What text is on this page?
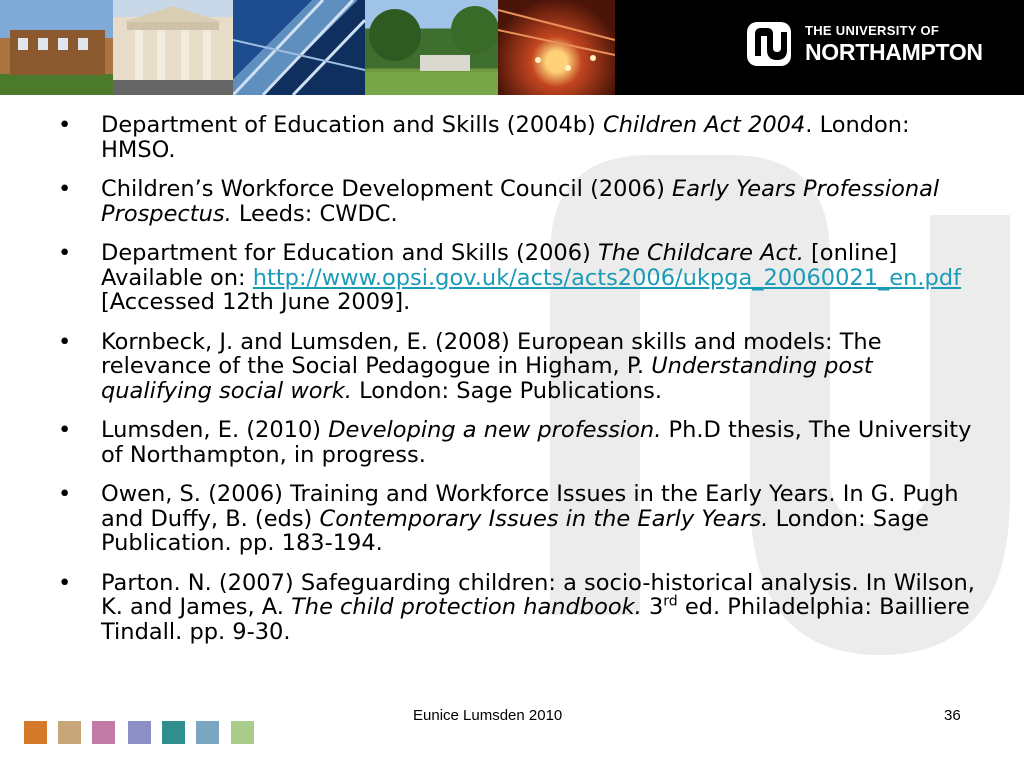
THE UNIVERSITY OF
NORTHAMPTON
• Department of Education and Skills (2004b) Children Act 2004. London: HMSO.
• Children’s Workforce Development Council (2006) Early Years Professional Prospectus. Leeds: CWDC.
• Department for Education and Skills (2006) The Childcare Act. [online] Available on: http://www.opsi.gov.uk/acts/acts2006/ukpga_20060021_en.pdf [Accessed 12th June 2009].
• Kornbeck, J. and Lumsden, E. (2008) European skills and models: The relevance of the Social Pedagogue in Higham, P. Understanding post qualifying social work. London: Sage Publications.
• Lumsden, E. (2010) Developing a new profession. Ph.D thesis, The University of Northampton, in progress.
• Owen, S. (2006) Training and Workforce Issues in the Early Years. In G. Pugh and Duffy, B. (eds) Contemporary Issues in the Early Years. London: Sage Publication. pp. 183-194.
• Parton. N. (2007) Safeguarding children: a socio-historical analysis. In Wilson, K. and James, A. The child protection handbook. 3rd ed. Philadelphia: Bailliere Tindall. pp. 9-30.
Eunice Lumsden 2010	36
